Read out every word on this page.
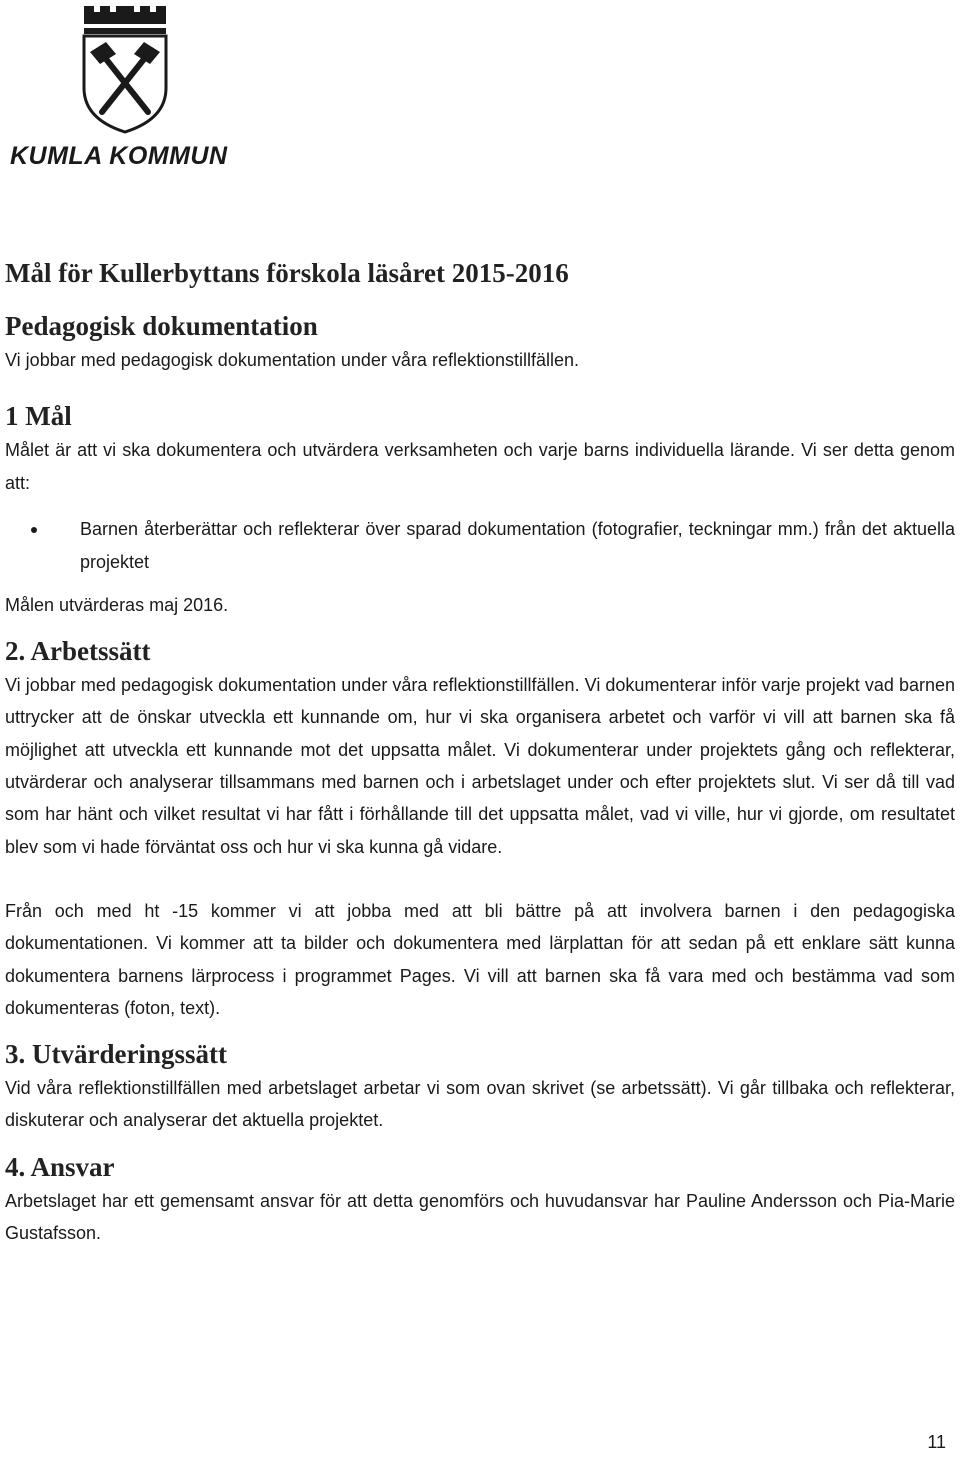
KUMLA KOMMUN
Mål för Kullerbyttans förskola läsåret 2015-2016
Pedagogisk dokumentation

Vi jobbar med pedagogisk dokumentation under våra reflektionstillfällen.

1 Mål

Målet är att vi ska dokumentera och utvärdera verksamheten och varje barns individuella lärande. Vi ser detta genom att:

Barnen återberättar och reflekterar över sparad dokumentation (fotografier, teckningar mm.) från det aktuella projektet

Målen utvärderas maj 2016.

2. Arbetssätt

Vi jobbar med pedagogisk dokumentation under våra reflektionstillfällen. Vi dokumenterar inför varje projekt vad barnen uttrycker att de önskar utveckla ett kunnande om, hur vi ska organisera arbetet och varför vi vill att barnen ska få möjlighet att utveckla ett kunnande mot det uppsatta målet. Vi dokumenterar under projektets gång och reflekterar, utvärderar och analyserar tillsammans med barnen och i arbetslaget under och efter projektets slut. Vi ser då till vad som har hänt och vilket resultat vi har fått i förhållande till det uppsatta målet, vad vi ville, hur vi gjorde, om resultatet blev som vi hade förväntat oss och hur vi ska kunna gå vidare.

Från och med ht -15 kommer vi att jobba med att bli bättre på att involvera barnen i den pedagogiska dokumentationen. Vi kommer att ta bilder och dokumentera med lärplattan för att sedan på ett enklare sätt kunna dokumentera barnens lärprocess i programmet Pages. Vi vill att barnen ska få vara med och bestämma vad som dokumenteras (foton, text).

3. Utvärderingssätt

Vid våra reflektionstillfällen med arbetslaget arbetar vi som ovan skrivet (se arbetssätt). Vi går tillbaka och reflekterar, diskuterar och analyserar det aktuella projektet.

4. Ansvar

Arbetslaget har ett gemensamt ansvar för att detta genomförs och huvudansvar har Pauline Andersson och Pia-Marie Gustafsson.

11
